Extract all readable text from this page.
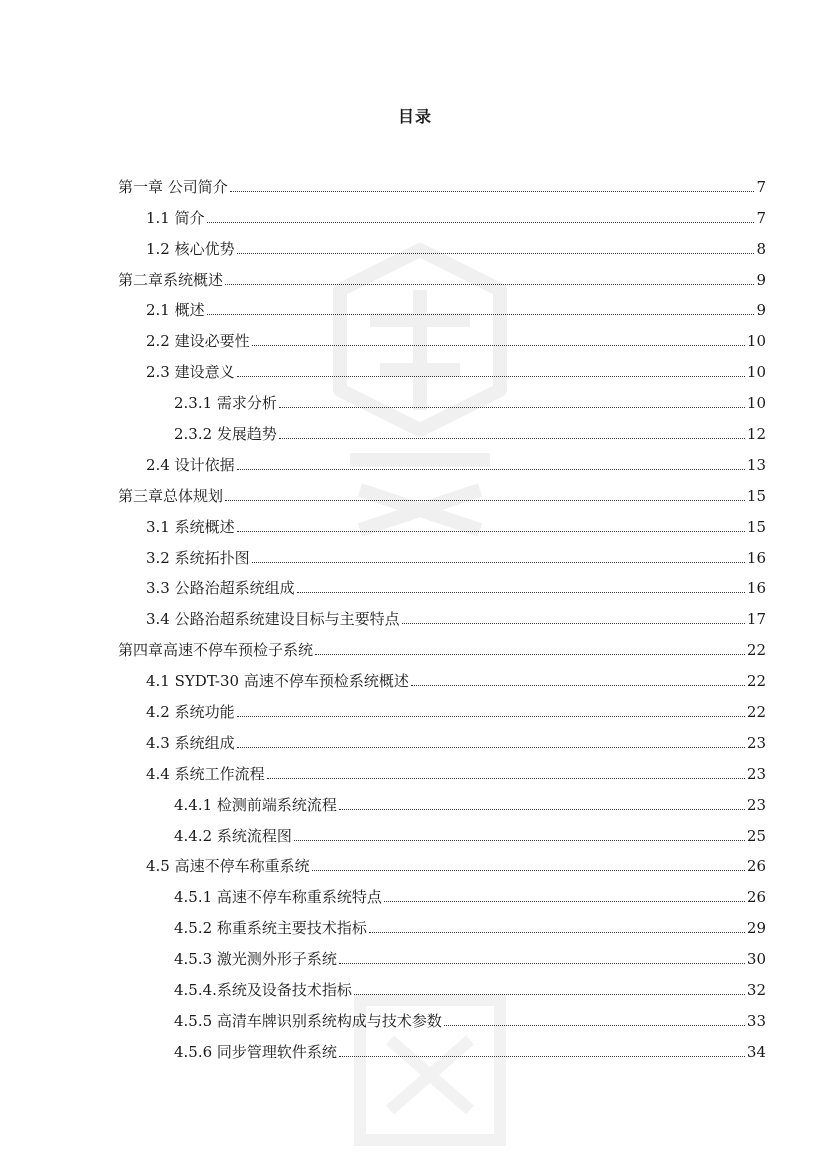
目录
第一章 公司简介	7
1.1 简介	7
1.2 核心优势	8
第二章系统概述	9
2.1 概述	9
2.2 建设必要性	10
2.3 建设意义	10
2.3.1 需求分析	10
2.3.2 发展趋势	12
2.4 设计依据	13
第三章总体规划	15
3.1 系统概述	15
3.2 系统拓扑图	16
3.3 公路治超系统组成	16
3.4 公路治超系统建设目标与主要特点	17
第四章高速不停车预检子系统	22
4.1 SYDT-30 高速不停车预检系统概述	22
4.2 系统功能	22
4.3 系统组成	23
4.4 系统工作流程	23
4.4.1 检测前端系统流程	23
4.4.2 系统流程图	25
4.5 高速不停车称重系统	26
4.5.1 高速不停车称重系统特点	26
4.5.2 称重系统主要技术指标	29
4.5.3 激光测外形子系统	30
4.5.4.系统及设备技术指标	32
4.5.5 高清车牌识别系统构成与技术参数	33
4.5.6 同步管理软件系统	34
